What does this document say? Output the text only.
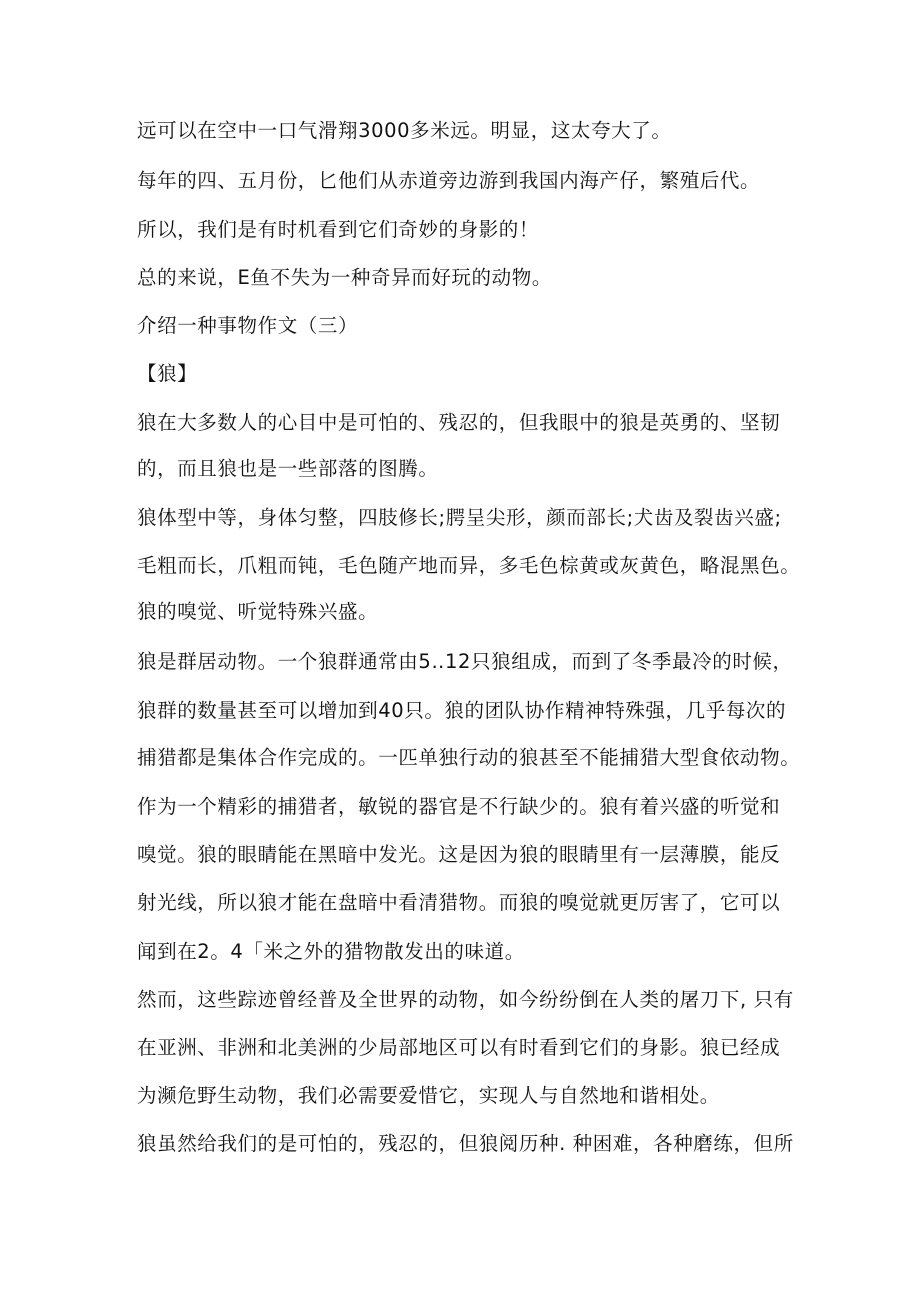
远可以在空中一口气滑翔3000多米远。明显，这太夸大了。
每年的四、五月份，匕他们从赤道旁边游到我国内海产仔，繁殖后代。
所以，我们是有时机看到它们奇妙的身影的！
总的来说，E鱼不失为一种奇异而好玩的动物。
介绍一种事物作文（三）
【狼】
狼在大多数人的心目中是可怕的、残忍的，但我眼中的狼是英勇的、坚韧
的，而且狼也是一些部落的图腾。
狼体型中等，身体匀整，四肢修长;腭呈尖形，颜而部长;犬齿及裂齿兴盛;
毛粗而长，爪粗而钝，毛色随产地而异，多毛色棕黄或灰黄色，略混黑色。
狼的嗅觉、听觉特殊兴盛。
狼是群居动物。一个狼群通常由5‥12只狼组成，而到了冬季最冷的时候，
狼群的数量甚至可以增加到40只。狼的团队协作精神特殊强，几乎每次的
捕猎都是集体合作完成的。一匹单独行动的狼甚至不能捕猎大型食依动物。
作为一个精彩的捕猎者，敏锐的器官是不行缺少的。狼有着兴盛的听觉和
嗅觉。狼的眼睛能在黑暗中发光。这是因为狼的眼睛里有一层薄膜，能反
射光线，所以狼才能在盘暗中看清猎物。而狼的嗅觉就更厉害了，它可以
闻到在2。4「米之外的猎物散发出的味道。
然而，这些踪迹曾经普及全世界的动物，如今纷纷倒在人类的屠刀下, 只有
在亚洲、非洲和北美洲的少局部地区可以有时看到它们的身影。狼已经成
为濒危野生动物，我们必需要爱惜它，实现人与自然地和谐相处。
狼虽然给我们的是可怕的，残忍的，但狼阅历种. 种困难，各种磨练，但所
